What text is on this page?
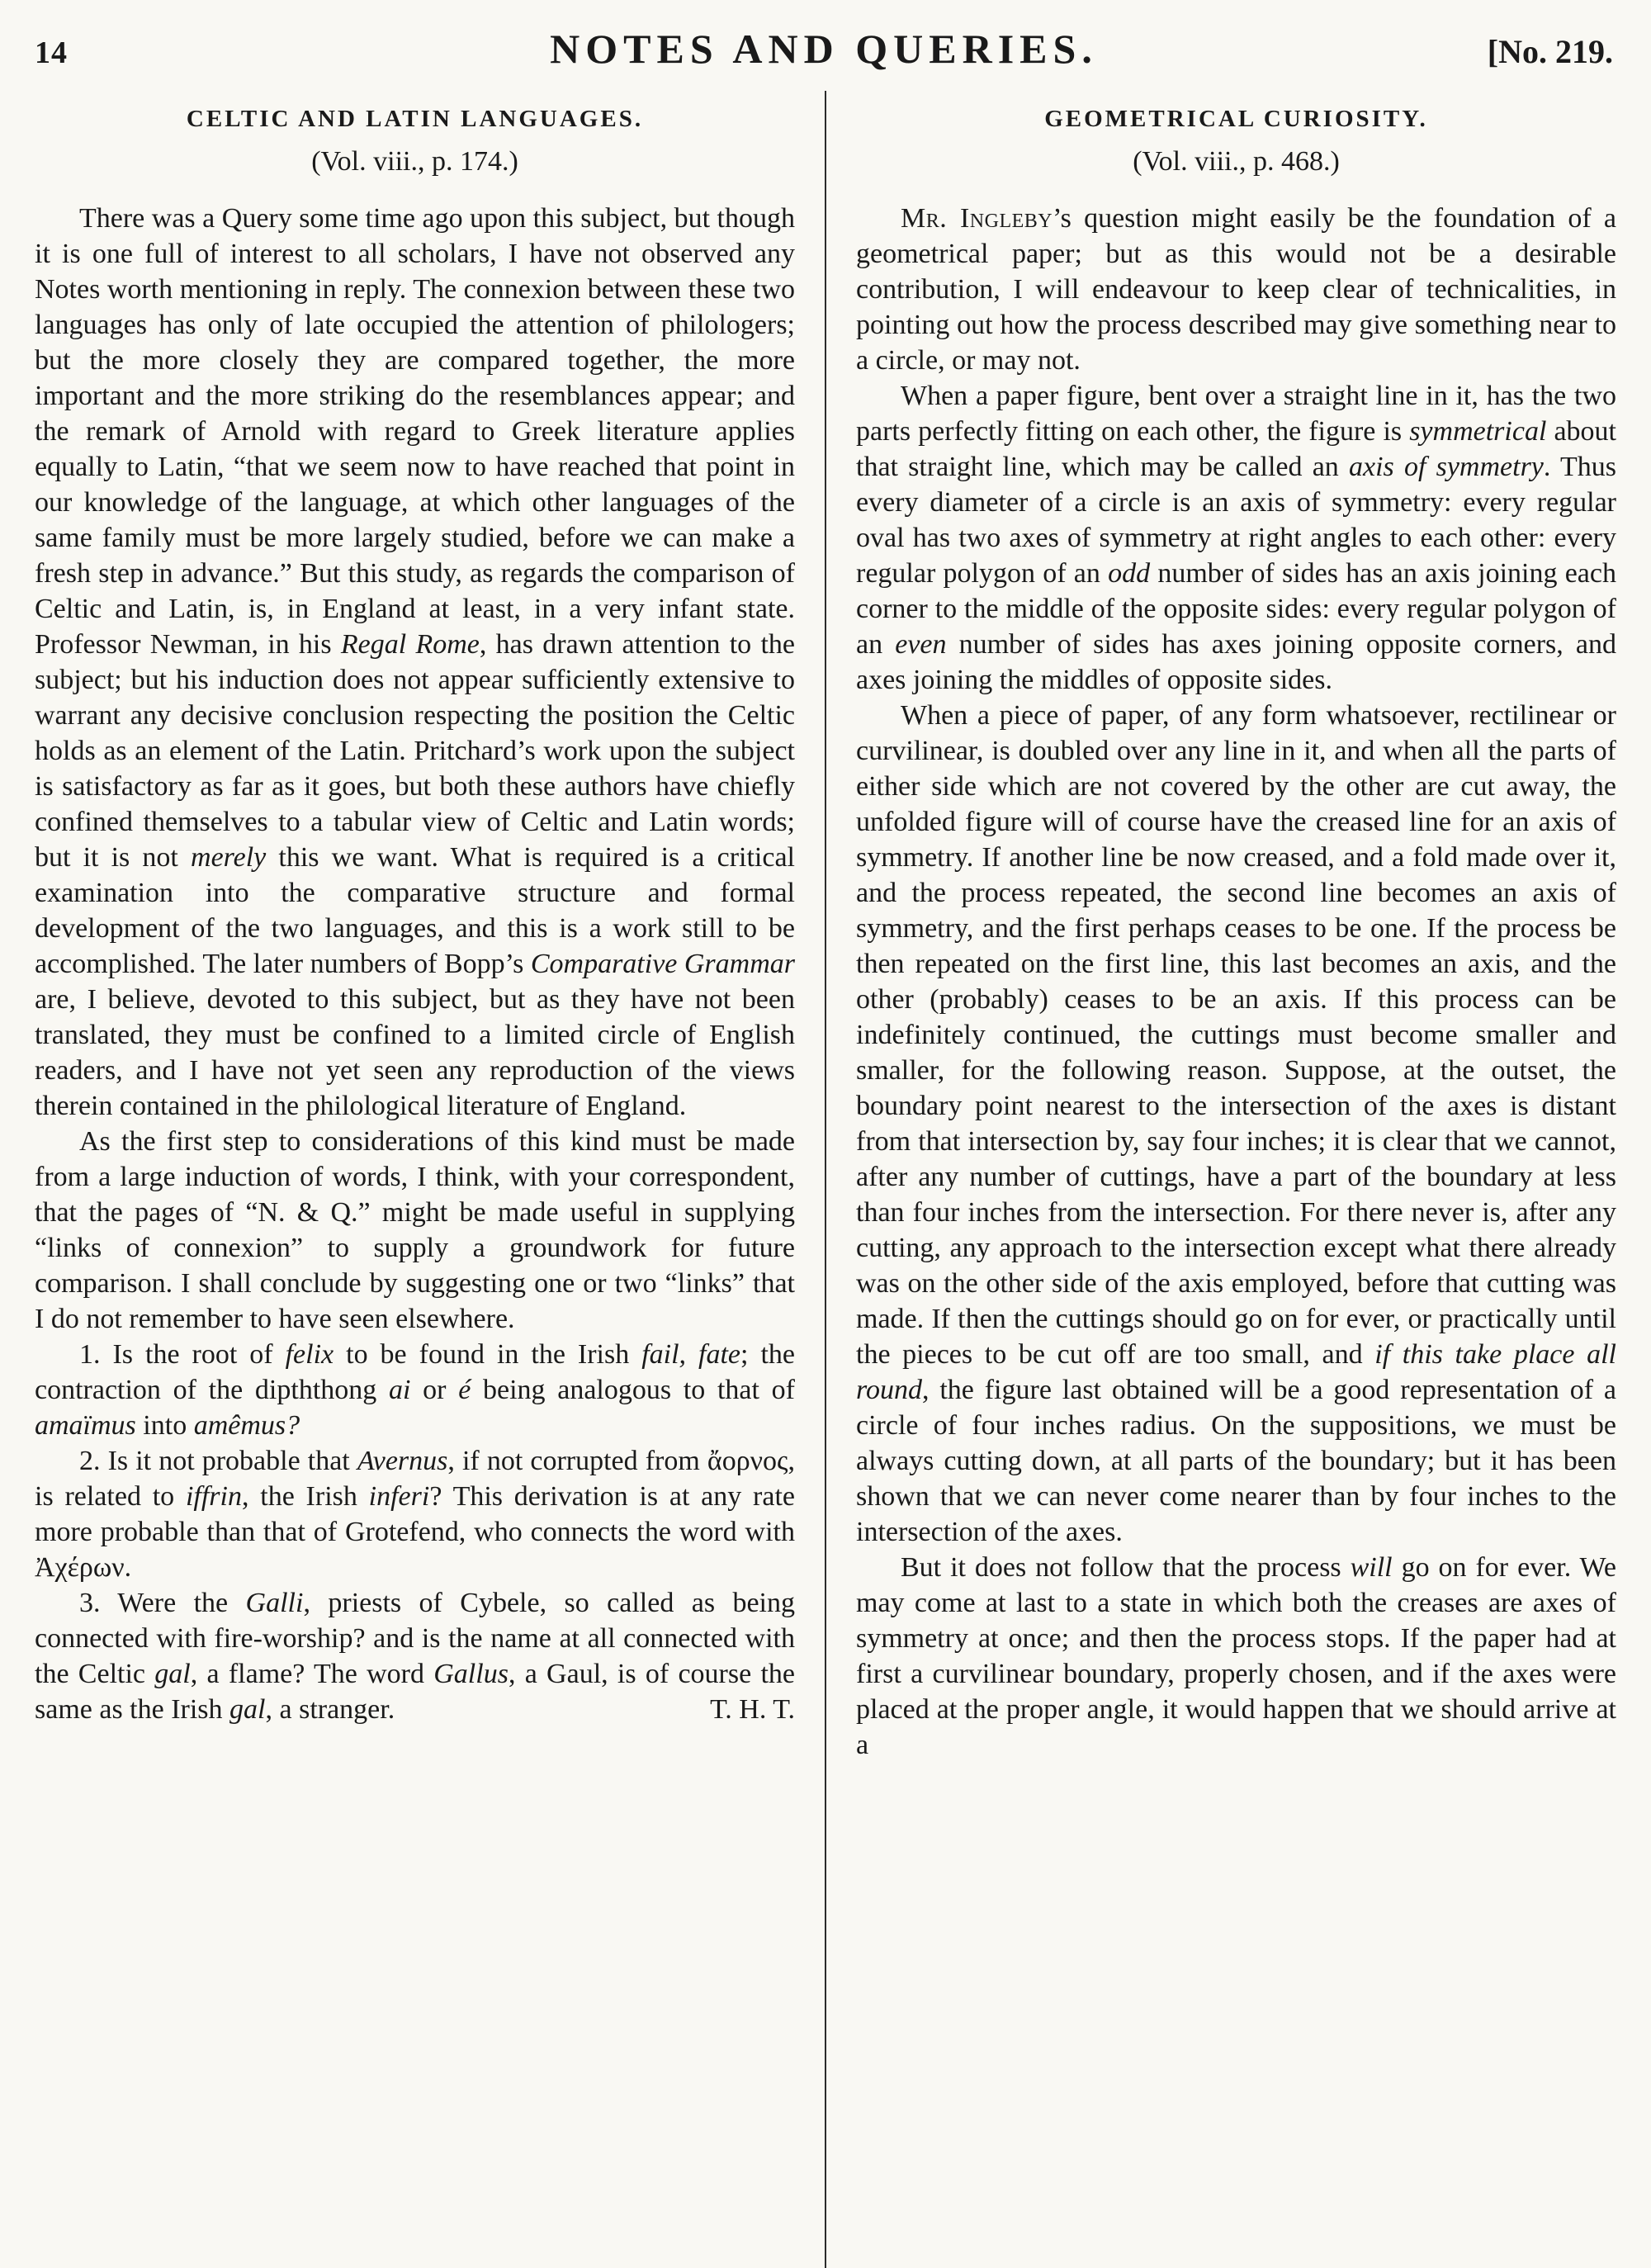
14	NOTES AND QUERIES.	[No. 219.
CELTIC AND LATIN LANGUAGES.
(Vol. viii., p. 174.)

There was a Query some time ago upon this subject, but though it is one full of interest to all scholars, I have not observed any Notes worth mentioning in reply. The connexion between these two languages has only of late occupied the attention of philologers; but the more closely they are compared together, the more important and the more striking do the resemblances appear; and the remark of Arnold with regard to Greek literature applies equally to Latin, “that we seem now to have reached that point in our knowledge of the language, at which other languages of the same family must be more largely studied, before we can make a fresh step in advance.” But this study, as regards the comparison of Celtic and Latin, is, in England at least, in a very infant state. Professor Newman, in his Regal Rome, has drawn attention to the subject; but his induction does not appear sufficiently extensive to warrant any decisive conclusion respecting the position the Celtic holds as an element of the Latin. Pritchard’s work upon the subject is satisfactory as far as it goes, but both these authors have chiefly confined themselves to a tabular view of Celtic and Latin words; but it is not merely this we want. What is required is a critical examination into the comparative structure and formal development of the two languages, and this is a work still to be accomplished. The later numbers of Bopp’s Comparative Grammar are, I believe, devoted to this subject, but as they have not been translated, they must be confined to a limited circle of English readers, and I have not yet seen any reproduction of the views therein contained in the philological literature of England.

As the first step to considerations of this kind must be made from a large induction of words, I think, with your correspondent, that the pages of “N. & Q.” might be made useful in supplying “links of connexion” to supply a groundwork for future comparison. I shall conclude by suggesting one or two “links” that I do not remember to have seen elsewhere.

1. Is the root of felix to be found in the Irish fail, fate; the contraction of the dipththong ai or é being analogous to that of amaïmus into amêmus?

2. Is it not probable that Avernus, if not corrupted from ἄορνος, is related to iffrin, the Irish inferi? This derivation is at any rate more probable than that of Grotefend, who connects the word with Ἀχέρων.

3. Were the Galli, priests of Cybele, so called as being connected with fire-worship? and is the name at all connected with the Celtic gal, a flame? The word Gallus, a Gaul, is of course the same as the Irish gal, a stranger.	T. H. T.

GEOMETRICAL CURIOSITY.
(Vol. viii., p. 468.)

Mr. Ingleby’s question might easily be the foundation of a geometrical paper; but as this would not be a desirable contribution, I will endeavour to keep clear of technicalities, in pointing out how the process described may give something near to a circle, or may not.

When a paper figure, bent over a straight line in it, has the two parts perfectly fitting on each other, the figure is symmetrical about that straight line, which may be called an axis of symmetry. Thus every diameter of a circle is an axis of symmetry: every regular oval has two axes of symmetry at right angles to each other: every regular polygon of an odd number of sides has an axis joining each corner to the middle of the opposite sides: every regular polygon of an even number of sides has axes joining opposite corners, and axes joining the middles of opposite sides.

When a piece of paper, of any form whatsoever, rectilinear or curvilinear, is doubled over any line in it, and when all the parts of either side which are not covered by the other are cut away, the unfolded figure will of course have the creased line for an axis of symmetry. If another line be now creased, and a fold made over it, and the process repeated, the second line becomes an axis of symmetry, and the first perhaps ceases to be one. If the process be then repeated on the first line, this last becomes an axis, and the other (probably) ceases to be an axis. If this process can be indefinitely continued, the cuttings must become smaller and smaller, for the following reason. Suppose, at the outset, the boundary point nearest to the intersection of the axes is distant from that intersection by, say four inches; it is clear that we cannot, after any number of cuttings, have a part of the boundary at less than four inches from the intersection. For there never is, after any cutting, any approach to the intersection except what there already was on the other side of the axis employed, before that cutting was made. If then the cuttings should go on for ever, or practically until the pieces to be cut off are too small, and if this take place all round, the figure last obtained will be a good representation of a circle of four inches radius. On the suppositions, we must be always cutting down, at all parts of the boundary; but it has been shown that we can never come nearer than by four inches to the intersection of the axes.

But it does not follow that the process will go on for ever. We may come at last to a state in which both the creases are axes of symmetry at once; and then the process stops. If the paper had at first a curvilinear boundary, properly chosen, and if the axes were placed at the proper angle, it would happen that we should arrive at a
